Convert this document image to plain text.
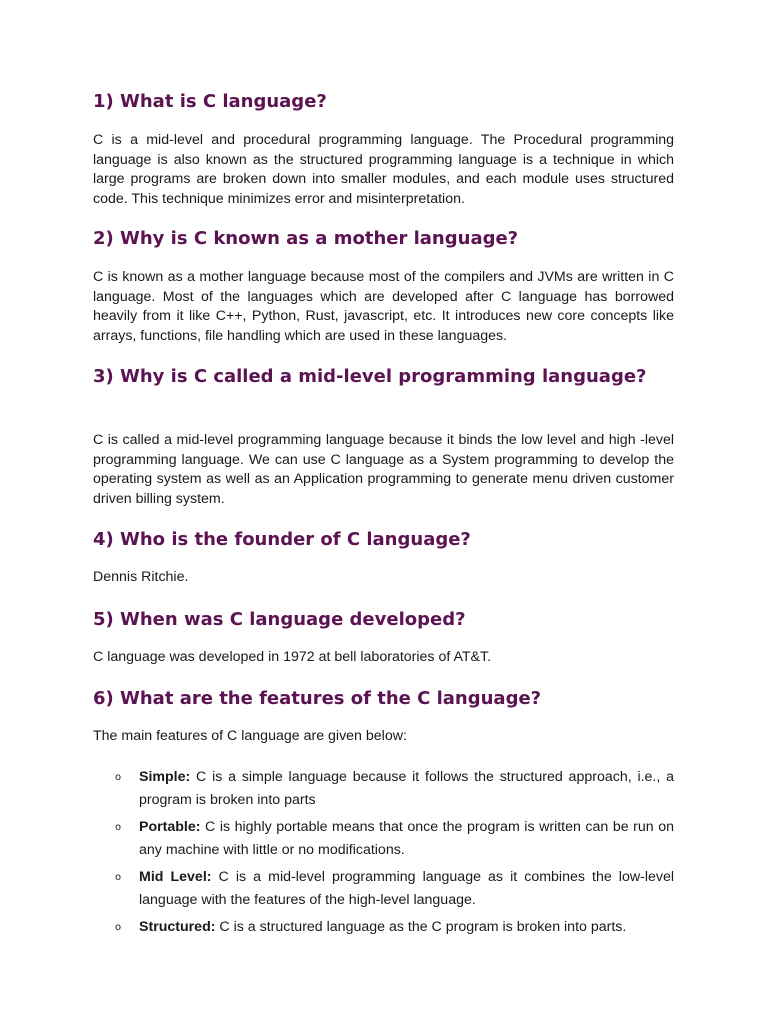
1) What is C language?

C is a mid-level and procedural programming language. The Procedural programming language is also known as the structured programming language is a technique in which large programs are broken down into smaller modules, and each module uses structured code. This technique minimizes error and misinterpretation.

2) Why is C known as a mother language?

C is known as a mother language because most of the compilers and JVMs are written in C language. Most of the languages which are developed after C language has borrowed heavily from it like C++, Python, Rust, javascript, etc. It introduces new core concepts like arrays, functions, file handling which are used in these languages.

3) Why is C called a mid-level programming language?

C is called a mid-level programming language because it binds the low level and high -level programming language. We can use C language as a System programming to develop the operating system as well as an Application programming to generate menu driven customer driven billing system.

4) Who is the founder of C language?

Dennis Ritchie.

5) When was C language developed?

C language was developed in 1972 at bell laboratories of AT&T.

6) What are the features of the C language?

The main features of C language are given below:

o Simple: C is a simple language because it follows the structured approach, i.e., a program is broken into parts
o Portable: C is highly portable means that once the program is written can be run on any machine with little or no modifications.
o Mid Level: C is a mid-level programming language as it combines the low-level language with the features of the high-level language.
o Structured: C is a structured language as the C program is broken into parts.
